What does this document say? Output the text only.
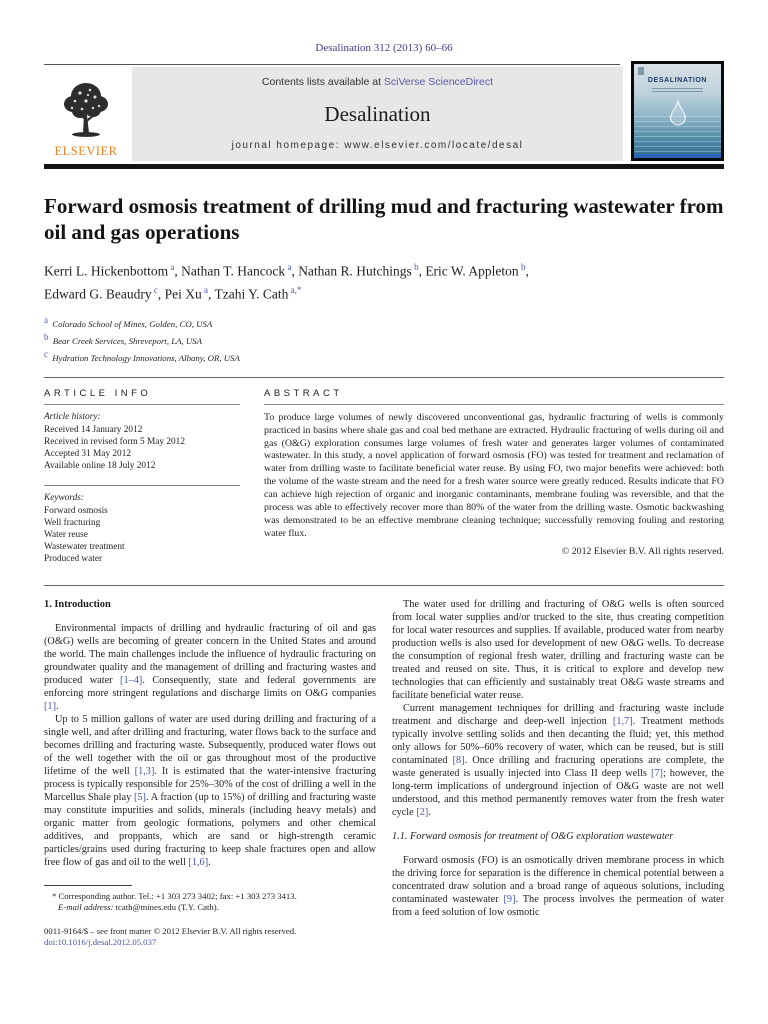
Desalination 312 (2013) 60–66
ELSEVIER
Contents lists available at SciVerse ScienceDirect
Desalination
journal homepage: www.elsevier.com/locate/desal
DESALINATION
Forward osmosis treatment of drilling mud and fracturing wastewater from oil and gas operations
Kerri L. Hickenbottom $^a$, Nathan T. Hancock $^a$, Nathan R. Hutchings $^b$, Eric W. Appleton $^b$,
Edward G. Beaudry $^c$, Pei Xu $^a$, Tzahi Y. Cath $^{a,*}$
$^a$ Colorado School of Mines, Golden, CO, USA
$^b$ Bear Creek Services, Shreveport, LA, USA
$^c$ Hydration Technology Innovations, Albany, OR, USA
ARTICLE INFO
Article history:
Received 14 January 2012
Received in revised form 5 May 2012
Accepted 31 May 2012
Available online 18 July 2012
Keywords:
Forward osmosis
Well fracturing
Water reuse
Wastewater treatment
Produced water
ABSTRACT
To produce large volumes of newly discovered unconventional gas, hydraulic fracturing of wells is commonly practiced in basins where shale gas and coal bed methane are extracted. Hydraulic fracturing of wells during oil and gas (O&G) exploration consumes large volumes of fresh water and generates larger volumes of contaminated wastewater. In this study, a novel application of forward osmosis (FO) was tested for treatment and reclamation of water from drilling waste to facilitate beneficial water reuse. By using FO, two major benefits were achieved: both the volume of the waste stream and the need for a fresh water source were greatly reduced. Results indicate that FO can achieve high rejection of organic and inorganic contaminants, membrane fouling was reversible, and that the process was able to effectively recover more than 80% of the water from the drilling waste. Osmotic backwashing was demonstrated to be an effective membrane cleaning technique; successfully removing fouling and restoring water flux.
© 2012 Elsevier B.V. All rights reserved.
1. Introduction

Environmental impacts of drilling and hydraulic fracturing of oil and gas (O&G) wells are becoming of greater concern in the United States and around the world. The main challenges include the influence of hydraulic fracturing on groundwater quality and the management of drilling and fracturing wastes and produced water [1–4]. Consequently, state and federal governments are enforcing more stringent regulations and discharge limits on O&G companies [1].

Up to 5 million gallons of water are used during drilling and fracturing of a single well, and after drilling and fracturing, water flows back to the surface and becomes drilling and fracturing waste. Subsequently, produced water flows out of the well together with the oil or gas throughout most of the productive lifetime of the well [1,3]. It is estimated that the water-intensive fracturing process is typically responsible for 25%–30% of the cost of drilling a well in the Marcellus Shale play [5]. A fraction (up to 15%) of drilling and fracturing waste may constitute impurities and solids, minerals (including heavy metals) and organic matter from geologic formations, polymers and other chemical additives, and proppants, which are sand or high-strength ceramic particles/grains used during fracturing to keep shale fractures open and allow free flow of gas and oil to the well [1,6].

* Corresponding author. Tel.: +1 303 273 3402; fax: +1 303 273 3413.
E-mail address: tcath@mines.edu (T.Y. Cath).
0011-9164/$ – see front matter © 2012 Elsevier B.V. All rights reserved.
doi:10.1016/j.desal.2012.05.037

The water used for drilling and fracturing of O&G wells is often sourced from local water supplies and/or trucked to the site, thus creating competition for local water resources and supplies. If available, produced water from nearby production wells is also used for development of new O&G wells. To decrease the consumption of regional fresh water, drilling and fracturing waste can be treated and reused on site. Thus, it is critical to explore and develop new technologies that can efficiently and sustainably treat O&G waste streams and facilitate beneficial water reuse.

Current management techniques for drilling and fracturing waste include treatment and discharge and deep-well injection [1,7]. Treatment methods typically involve settling solids and then decanting the fluid; yet, this method only allows for 50%–60% recovery of water, which can be reused, but is still contaminated [8]. Once drilling and fracturing operations are complete, the waste generated is usually injected into Class II deep wells [7]; however, the long-term implications of underground injection of O&G waste are not well understood, and this method permanently removes water from the fresh water cycle [2].

1.1. Forward osmosis for treatment of O&G exploration wastewater

Forward osmosis (FO) is an osmotically driven membrane process in which the driving force for separation is the difference in chemical potential between a concentrated draw solution and a broad range of aqueous solutions, including contaminated wastewater [9]. The process involves the permeation of water from a feed solution of low osmotic
